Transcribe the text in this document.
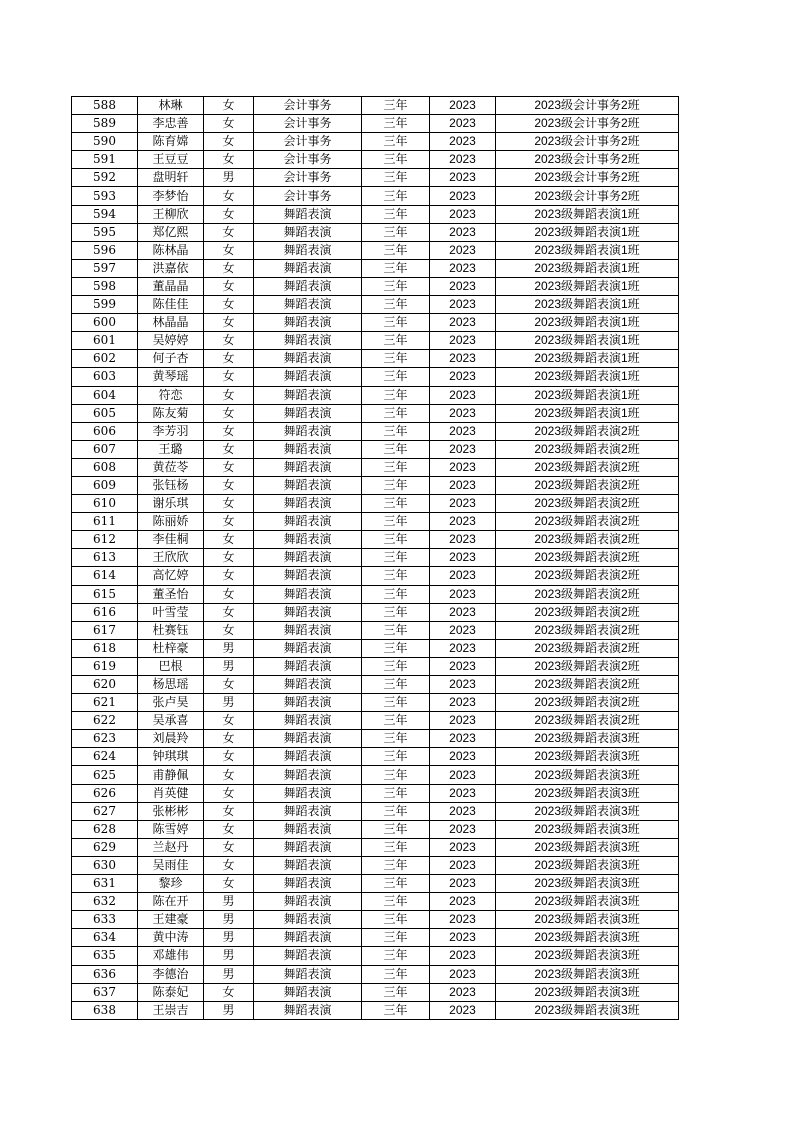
588	林琳	女	会计事务	三年	2023	2023级会计事务2班
589	李忠善	女	会计事务	三年	2023	2023级会计事务2班
590	陈育嫦	女	会计事务	三年	2023	2023级会计事务2班
591	王豆豆	女	会计事务	三年	2023	2023级会计事务2班
592	盘明轩	男	会计事务	三年	2023	2023级会计事务2班
593	李梦怡	女	会计事务	三年	2023	2023级会计事务2班
594	王柳欣	女	舞蹈表演	三年	2023	2023级舞蹈表演1班
595	郑亿熙	女	舞蹈表演	三年	2023	2023级舞蹈表演1班
596	陈林晶	女	舞蹈表演	三年	2023	2023级舞蹈表演1班
597	洪嘉依	女	舞蹈表演	三年	2023	2023级舞蹈表演1班
598	董晶晶	女	舞蹈表演	三年	2023	2023级舞蹈表演1班
599	陈佳佳	女	舞蹈表演	三年	2023	2023级舞蹈表演1班
600	林晶晶	女	舞蹈表演	三年	2023	2023级舞蹈表演1班
601	吴婷婷	女	舞蹈表演	三年	2023	2023级舞蹈表演1班
602	何子杏	女	舞蹈表演	三年	2023	2023级舞蹈表演1班
603	黄琴瑶	女	舞蹈表演	三年	2023	2023级舞蹈表演1班
604	符恋	女	舞蹈表演	三年	2023	2023级舞蹈表演1班
605	陈友菊	女	舞蹈表演	三年	2023	2023级舞蹈表演1班
606	李芳羽	女	舞蹈表演	三年	2023	2023级舞蹈表演2班
607	王璐	女	舞蹈表演	三年	2023	2023级舞蹈表演2班
608	黄莅苓	女	舞蹈表演	三年	2023	2023级舞蹈表演2班
609	张钰杨	女	舞蹈表演	三年	2023	2023级舞蹈表演2班
610	谢乐琪	女	舞蹈表演	三年	2023	2023级舞蹈表演2班
611	陈丽娇	女	舞蹈表演	三年	2023	2023级舞蹈表演2班
612	李佳桐	女	舞蹈表演	三年	2023	2023级舞蹈表演2班
613	王欣欣	女	舞蹈表演	三年	2023	2023级舞蹈表演2班
614	高忆婷	女	舞蹈表演	三年	2023	2023级舞蹈表演2班
615	董圣怡	女	舞蹈表演	三年	2023	2023级舞蹈表演2班
616	叶雪莹	女	舞蹈表演	三年	2023	2023级舞蹈表演2班
617	杜赛钰	女	舞蹈表演	三年	2023	2023级舞蹈表演2班
618	杜梓豪	男	舞蹈表演	三年	2023	2023级舞蹈表演2班
619	巴根	男	舞蹈表演	三年	2023	2023级舞蹈表演2班
620	杨思瑶	女	舞蹈表演	三年	2023	2023级舞蹈表演2班
621	张卢昊	男	舞蹈表演	三年	2023	2023级舞蹈表演2班
622	吴承喜	女	舞蹈表演	三年	2023	2023级舞蹈表演2班
623	刘晨羚	女	舞蹈表演	三年	2023	2023级舞蹈表演3班
624	钟琪琪	女	舞蹈表演	三年	2023	2023级舞蹈表演3班
625	甫静佩	女	舞蹈表演	三年	2023	2023级舞蹈表演3班
626	肖英健	女	舞蹈表演	三年	2023	2023级舞蹈表演3班
627	张彬彬	女	舞蹈表演	三年	2023	2023级舞蹈表演3班
628	陈雪婷	女	舞蹈表演	三年	2023	2023级舞蹈表演3班
629	兰赵丹	女	舞蹈表演	三年	2023	2023级舞蹈表演3班
630	吴雨佳	女	舞蹈表演	三年	2023	2023级舞蹈表演3班
631	黎珍	女	舞蹈表演	三年	2023	2023级舞蹈表演3班
632	陈在开	男	舞蹈表演	三年	2023	2023级舞蹈表演3班
633	王建豪	男	舞蹈表演	三年	2023	2023级舞蹈表演3班
634	黄中涛	男	舞蹈表演	三年	2023	2023级舞蹈表演3班
635	邓雄伟	男	舞蹈表演	三年	2023	2023级舞蹈表演3班
636	李德治	男	舞蹈表演	三年	2023	2023级舞蹈表演3班
637	陈泰妃	女	舞蹈表演	三年	2023	2023级舞蹈表演3班
638	王崇吉	男	舞蹈表演	三年	2023	2023级舞蹈表演3班
